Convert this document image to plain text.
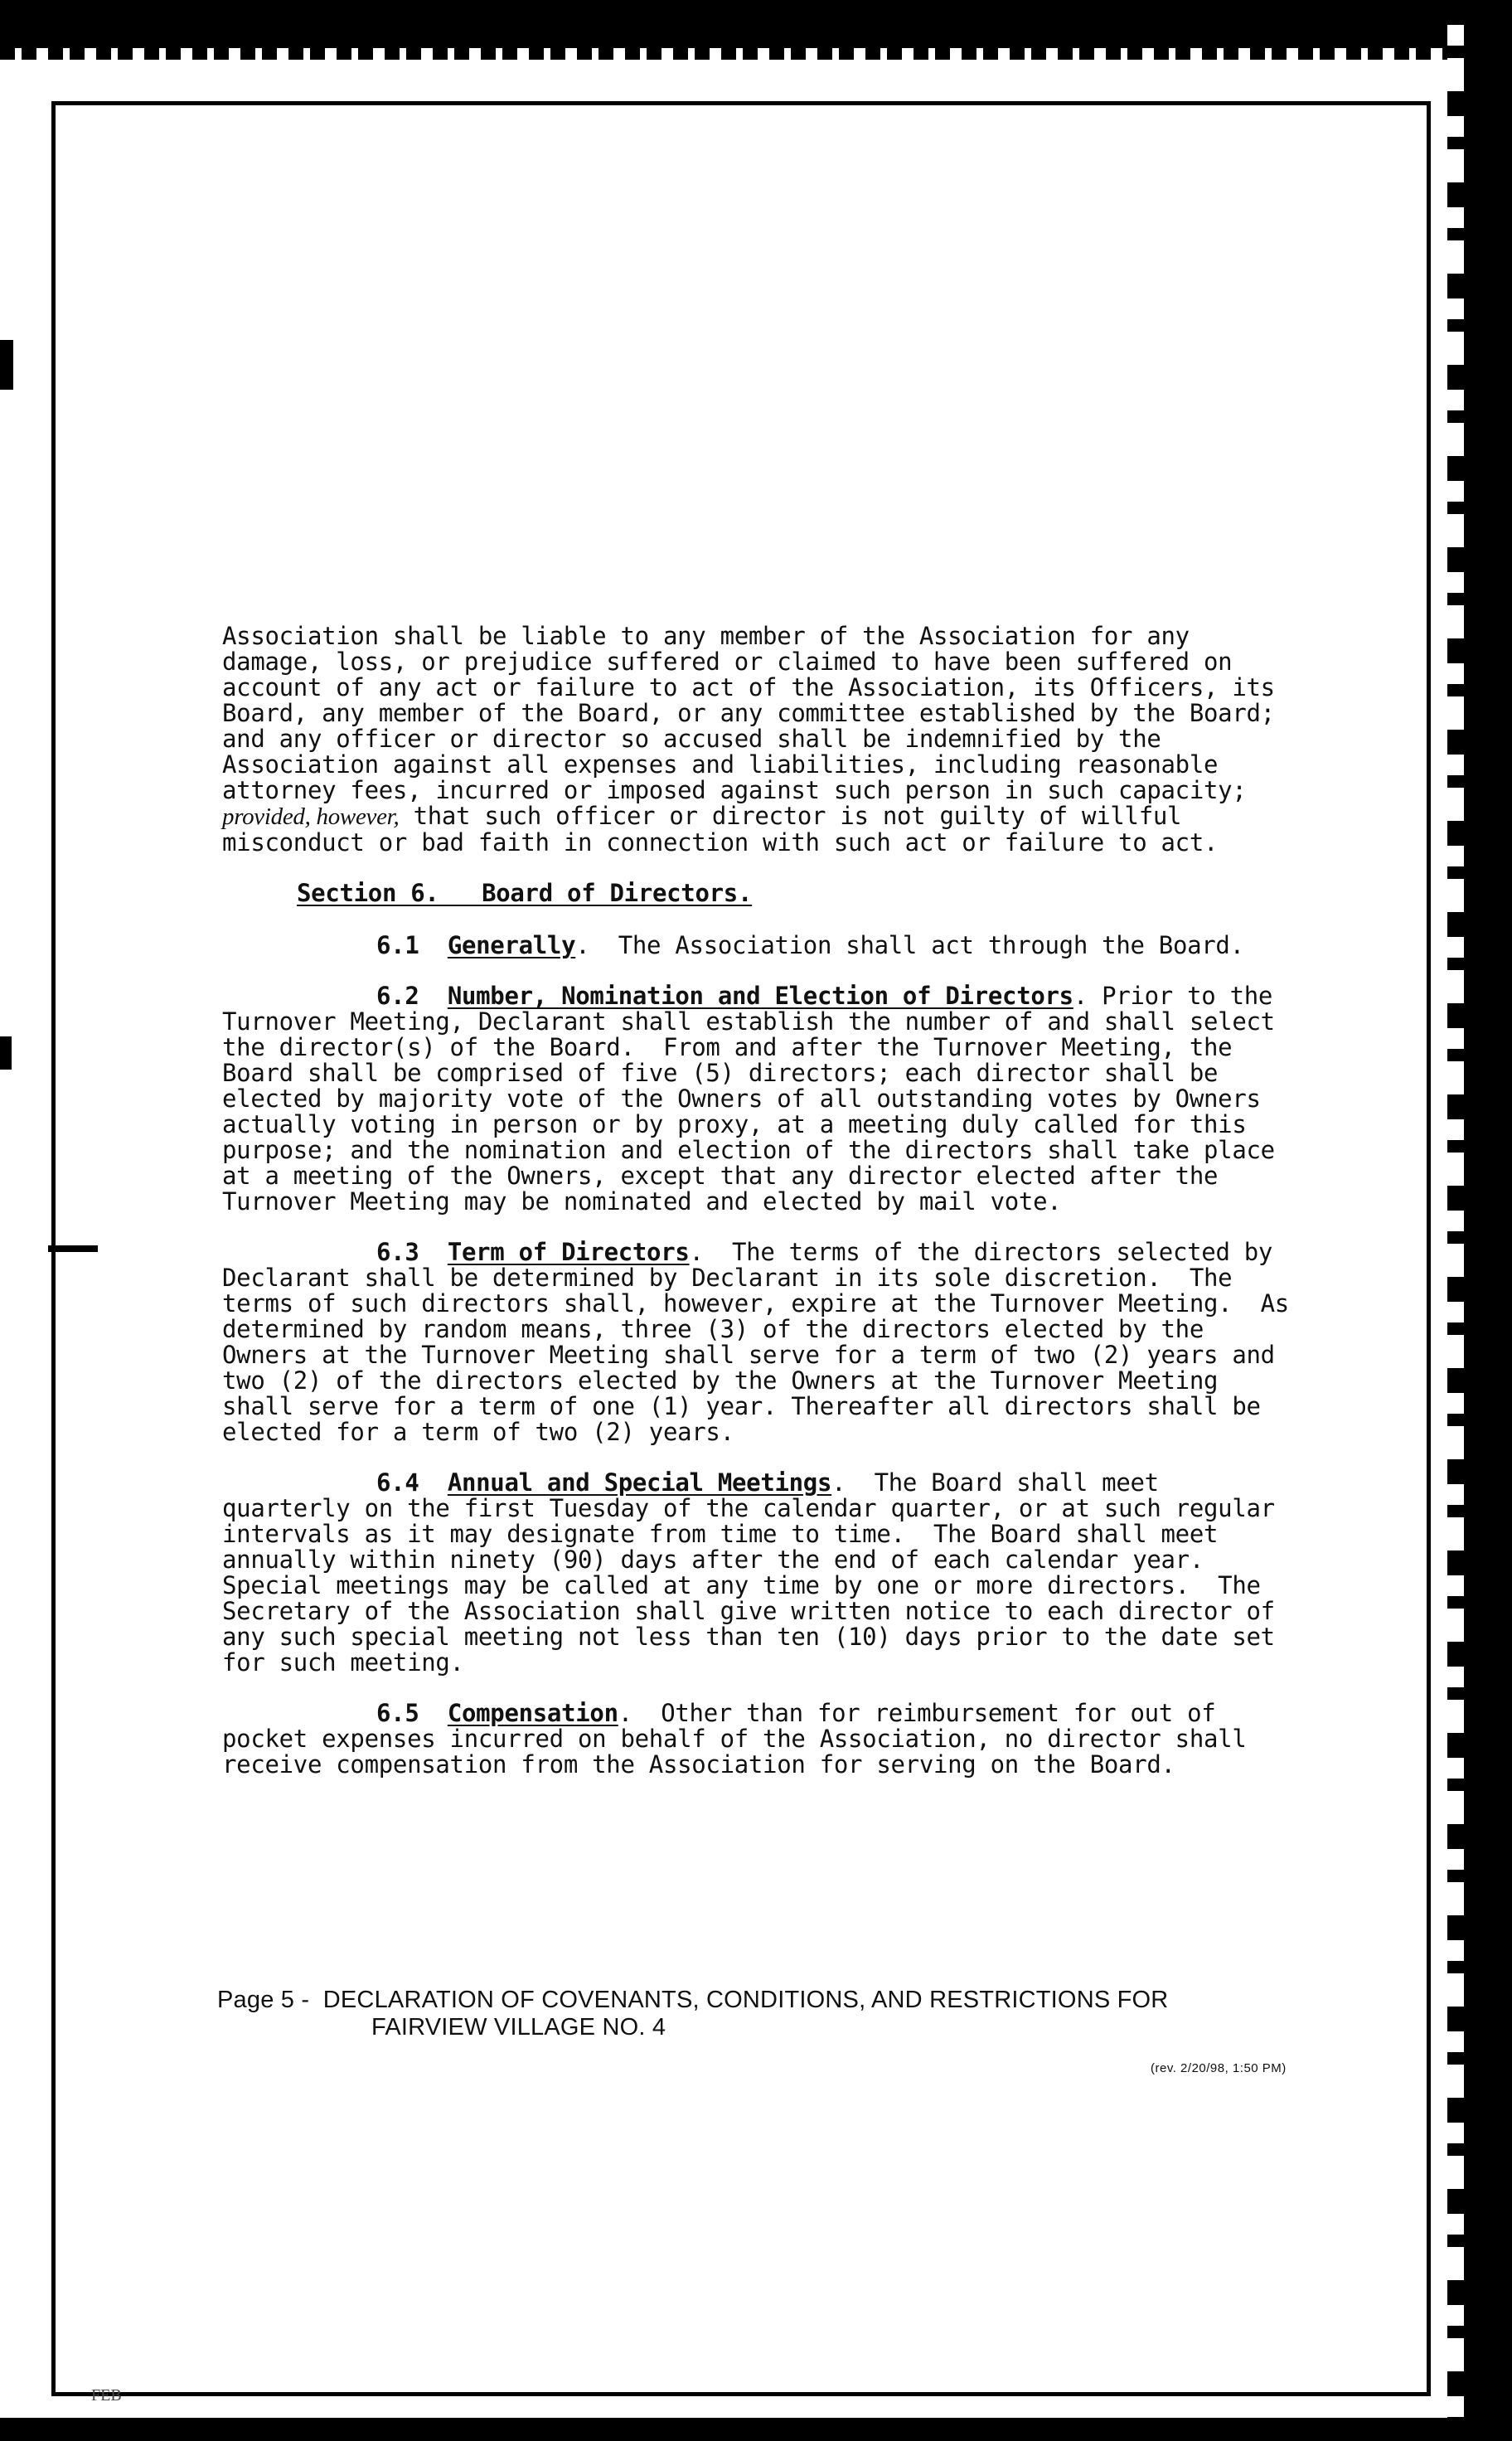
Association shall be liable to any member of the Association for any damage, loss, or prejudice suffered or claimed to have been suffered on account of any act or failure to act of the Association, its Officers, its Board, any member of the Board, or any committee established by the Board; and any officer or director so accused shall be indemnified by the Association against all expenses and liabilities, including reasonable attorney fees, incurred or imposed against such person in such capacity; provided, however, that such officer or director is not guilty of willful misconduct or bad faith in connection with such act or failure to act.

Section 6.   Board of Directors.

6.1 Generally.  The Association shall act through the Board.

6.2 Number, Nomination and Election of Directors. Prior to the Turnover Meeting, Declarant shall establish the number of and shall select the director(s) of the Board.  From and after the Turnover Meeting, the Board shall be comprised of five (5) directors; each director shall be elected by majority vote of the Owners of all outstanding votes by Owners actually voting in person or by proxy, at a meeting duly called for this purpose; and the nomination and election of the directors shall take place at a meeting of the Owners, except that any director elected after the Turnover Meeting may be nominated and elected by mail vote.

6.3 Term of Directors.  The terms of the directors selected by Declarant shall be determined by Declarant in its sole discretion.  The terms of such directors shall, however, expire at the Turnover Meeting.  As determined by random means, three (3) of the directors elected by the Owners at the Turnover Meeting shall serve for a term of two (2) years and two (2) of the directors elected by the Owners at the Turnover Meeting shall serve for a term of one (1) year. Thereafter all directors shall be elected for a term of two (2) years.

6.4 Annual and Special Meetings.  The Board shall meet quarterly on the first Tuesday of the calendar quarter, or at such regular intervals as it may designate from time to time.  The Board shall meet annually within ninety (90) days after the end of each calendar year.  Special meetings may be called at any time by one or more directors.  The Secretary of the Association shall give written notice to each director of any such special meeting not less than ten (10) days prior to the date set for such meeting.

6.5 Compensation.  Other than for reimbursement for out of pocket expenses incurred on behalf of the Association, no director shall receive compensation from the Association for serving on the Board.

Page 5 -  DECLARATION OF COVENANTS, CONDITIONS, AND RESTRICTIONS FOR
FAIRVIEW VILLAGE NO. 4
(rev. 2/20/98, 1:50 PM)
FEB
